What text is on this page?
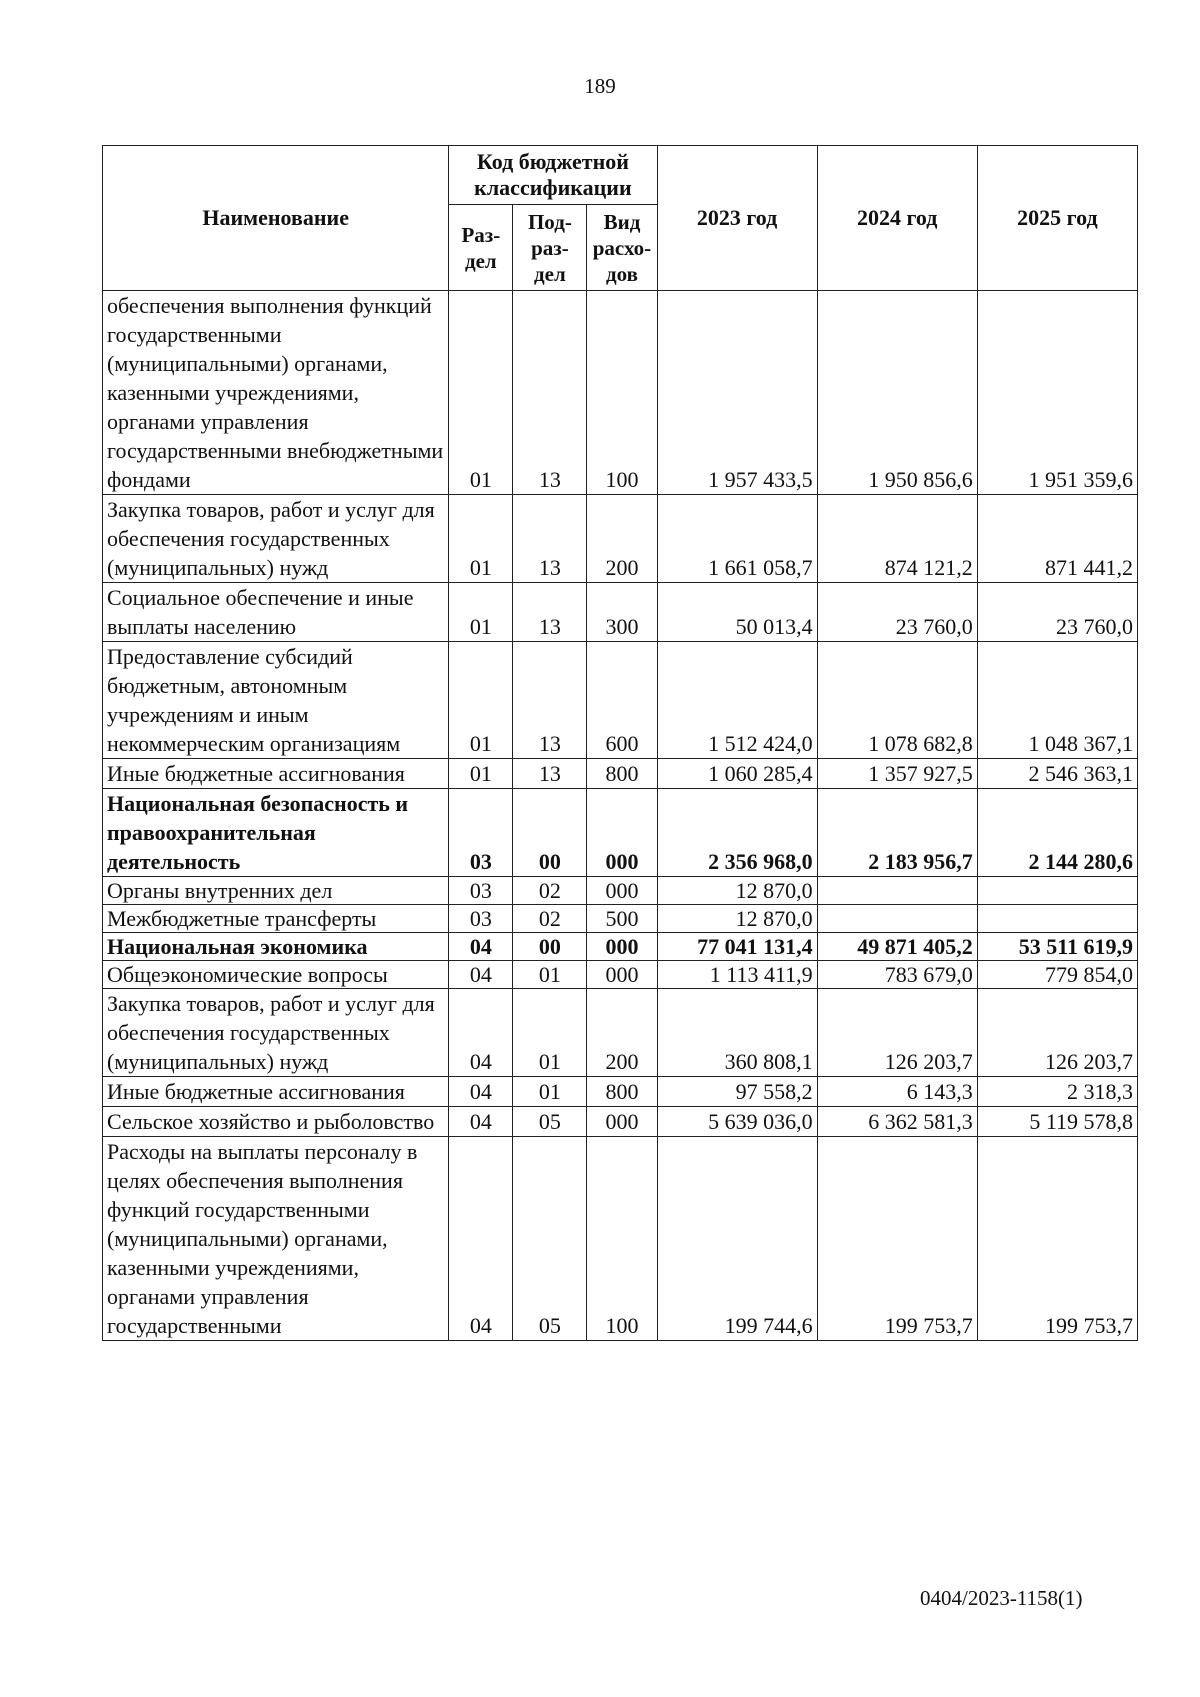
189
Наименование	Код бюджетной классификации			2023 год	2024 год	2025 год
	Раз-дел	Под-раз-дел	Вид расхо-дов			
обеспечения выполнения функций государственными (муниципальными) органами, казенными учреждениями, органами управления государственными внебюджетными фондами	01	13	100	1 957 433,5	1 950 856,6	1 951 359,6
Закупка товаров, работ и услуг для обеспечения государственных (муниципальных) нужд	01	13	200	1 661 058,7	874 121,2	871 441,2
Социальное обеспечение и иные выплаты населению	01	13	300	50 013,4	23 760,0	23 760,0
Предоставление субсидий бюджетным, автономным учреждениям и иным некоммерческим организациям	01	13	600	1 512 424,0	1 078 682,8	1 048 367,1
Иные бюджетные ассигнования	01	13	800	1 060 285,4	1 357 927,5	2 546 363,1
Национальная безопасность и правоохранительная деятельность	03	00	000	2 356 968,0	2 183 956,7	2 144 280,6
Органы внутренних дел	03	02	000	12 870,0		
Межбюджетные трансферты	03	02	500	12 870,0		
Национальная экономика	04	00	000	77 041 131,4	49 871 405,2	53 511 619,9
Общеэкономические вопросы	04	01	000	1 113 411,9	783 679,0	779 854,0
Закупка товаров, работ и услуг для обеспечения государственных (муниципальных) нужд	04	01	200	360 808,1	126 203,7	126 203,7
Иные бюджетные ассигнования	04	01	800	97 558,2	6 143,3	2 318,3
Сельское хозяйство и рыболовство	04	05	000	5 639 036,0	6 362 581,3	5 119 578,8
Расходы на выплаты персоналу в целях обеспечения выполнения функций государственными (муниципальными) органами, казенными учреждениями, органами управления государственными	04	05	100	199 744,6	199 753,7	199 753,7
0404/2023-1158(1)
